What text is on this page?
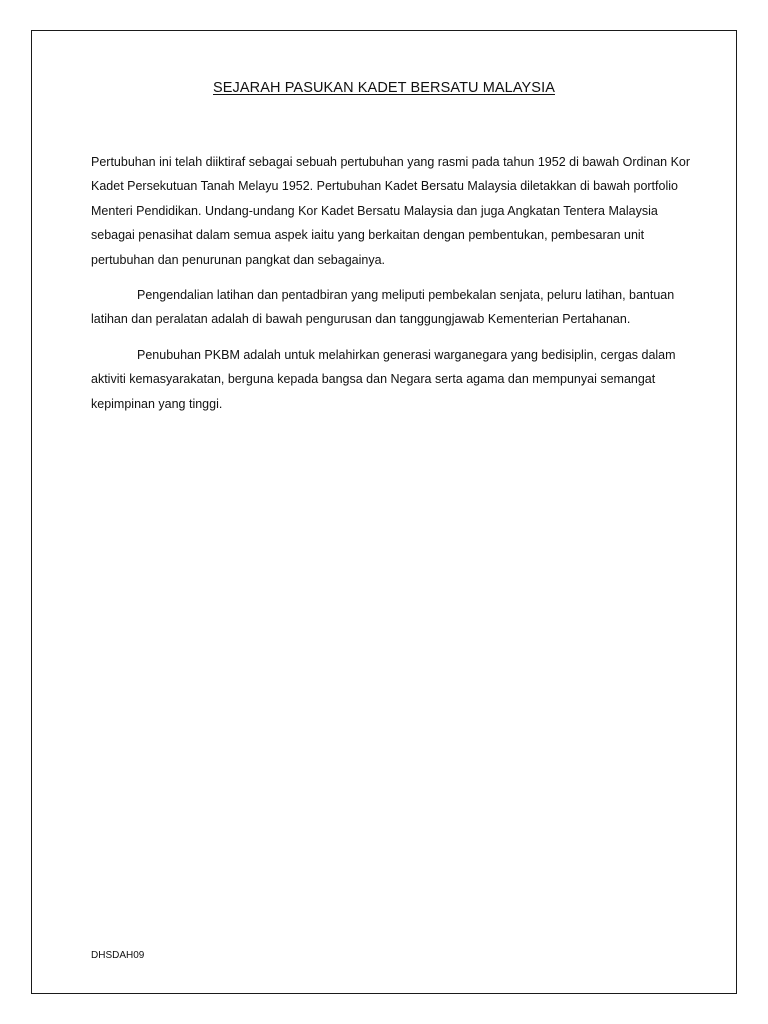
SEJARAH PASUKAN KADET BERSATU MALAYSIA

Pertubuhan ini telah diiktiraf sebagai sebuah pertubuhan yang rasmi pada tahun 1952 di bawah Ordinan Kor Kadet Persekutuan Tanah Melayu 1952. Pertubuhan Kadet Bersatu Malaysia diletakkan di bawah portfolio Menteri Pendidikan. Undang-undang Kor Kadet Bersatu Malaysia dan juga Angkatan Tentera Malaysia sebagai penasihat dalam semua aspek iaitu yang berkaitan dengan pembentukan, pembesaran unit pertubuhan dan penurunan pangkat dan sebagainya.

Pengendalian latihan dan pentadbiran yang meliputi pembekalan senjata, peluru latihan, bantuan latihan dan peralatan adalah di bawah pengurusan dan tanggungjawab Kementerian Pertahanan.

Penubuhan PKBM adalah untuk melahirkan generasi warganegara yang bedisiplin, cergas dalam aktiviti kemasyarakatan, berguna kepada bangsa dan Negara serta agama dan mempunyai semangat kepimpinan yang tinggi.

DHSDAH09
